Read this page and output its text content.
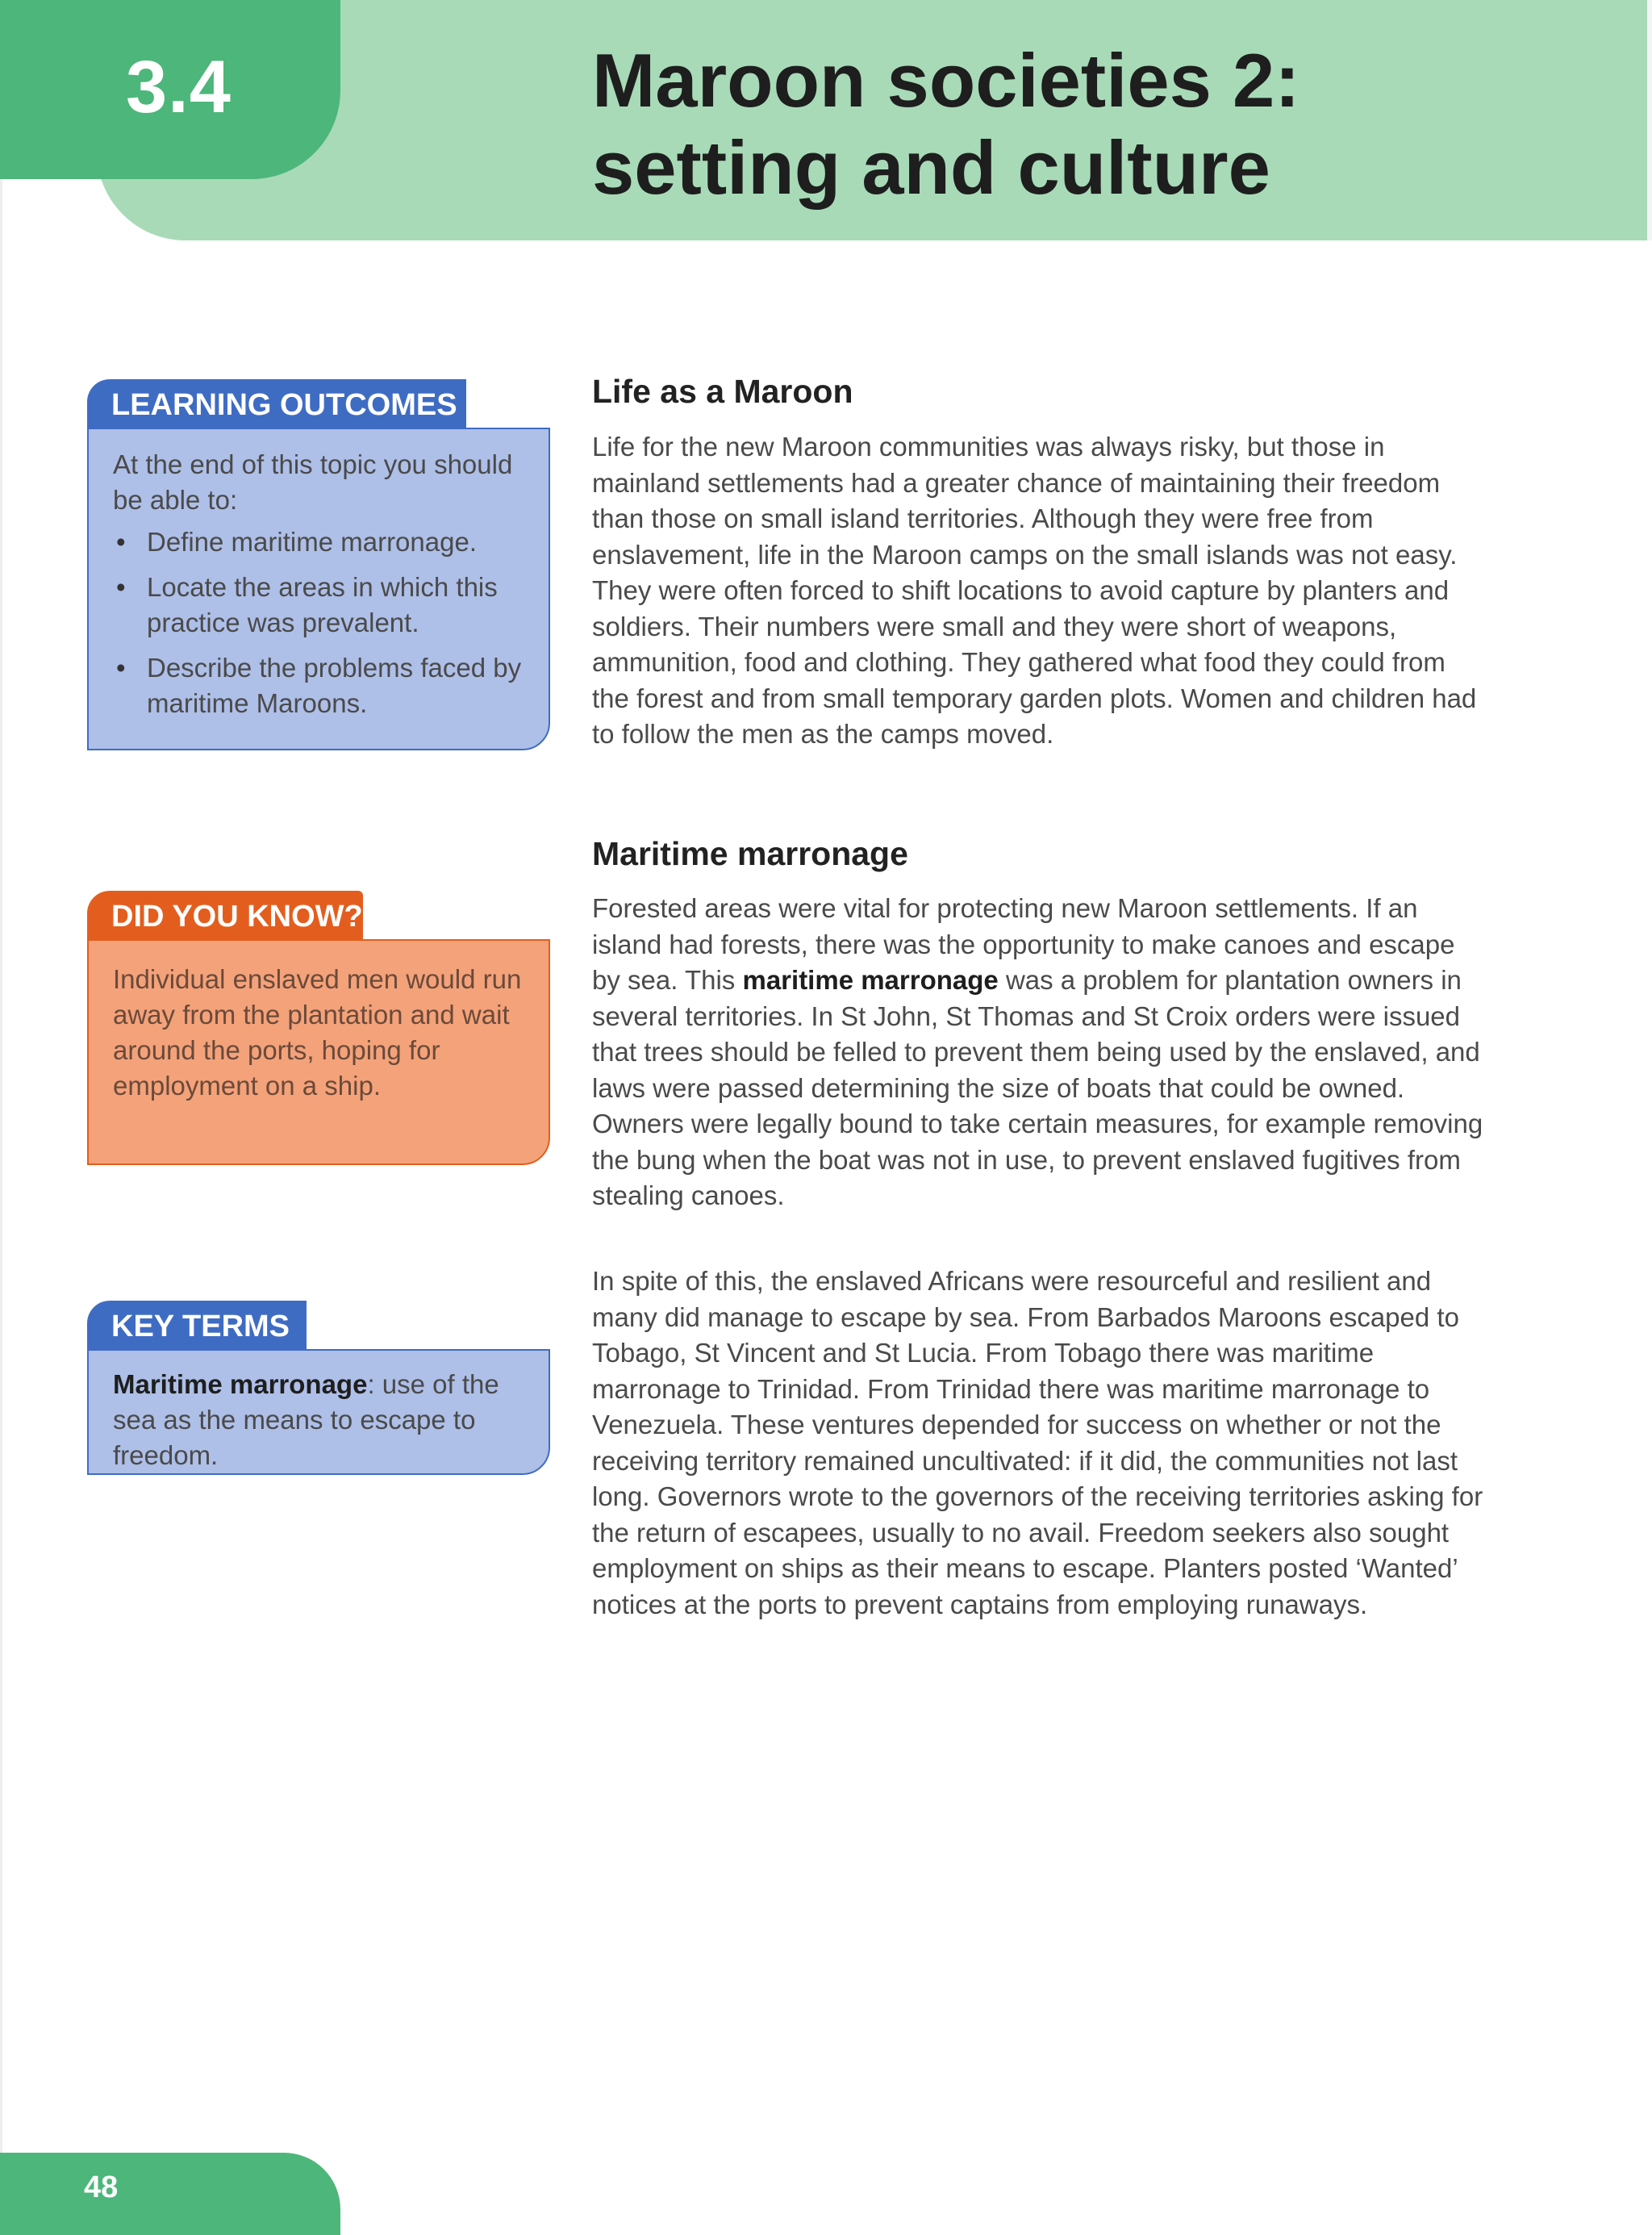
3.4	Maroon societies 2:
setting and culture
LEARNING OUTCOMES

At the end of this topic you should be able to:

• Define maritime marronage.
• Locate the areas in which this practice was prevalent.
• Describe the problems faced by maritime Maroons.
DID YOU KNOW?
Individual enslaved men would run away from the plantation and wait around the ports, hoping for employment on a ship.
KEY TERMS
Maritime marronage: use of the sea as the means to escape to freedom.
Life as a Maroon

Life for the new Maroon communities was always risky, but those in mainland settlements had a greater chance of maintaining their freedom than those on small island territories. Although they were free from enslavement, life in the Maroon camps on the small islands was not easy. They were often forced to shift locations to avoid capture by planters and soldiers. Their numbers were small and they were short of weapons, ammunition, food and clothing. They gathered what food they could from the forest and from small temporary garden plots. Women and children had to follow the men as the camps moved.

Maritime marronage

Forested areas were vital for protecting new Maroon settlements. If an island had forests, there was the opportunity to make canoes and escape by sea. This maritime marronage was a problem for plantation owners in several territories. In St John, St Thomas and St Croix orders were issued that trees should be felled to prevent them being used by the enslaved, and laws were passed determining the size of boats that could be owned. Owners were legally bound to take certain measures, for example removing the bung when the boat was not in use, to prevent enslaved fugitives from stealing canoes.

In spite of this, the enslaved Africans were resourceful and resilient and many did manage to escape by sea. From Barbados Maroons escaped to Tobago, St Vincent and St Lucia. From Tobago there was maritime marronage to Trinidad. From Trinidad there was maritime marronage to Venezuela. These ventures depended for success on whether or not the receiving territory remained uncultivated: if it did, the communities not last long. Governors wrote to the governors of the receiving territories asking for the return of escapees, usually to no avail. Freedom seekers also sought employment on ships as their means to escape. Planters posted ‘Wanted’ notices at the ports to prevent captains from employing runaways.

48
